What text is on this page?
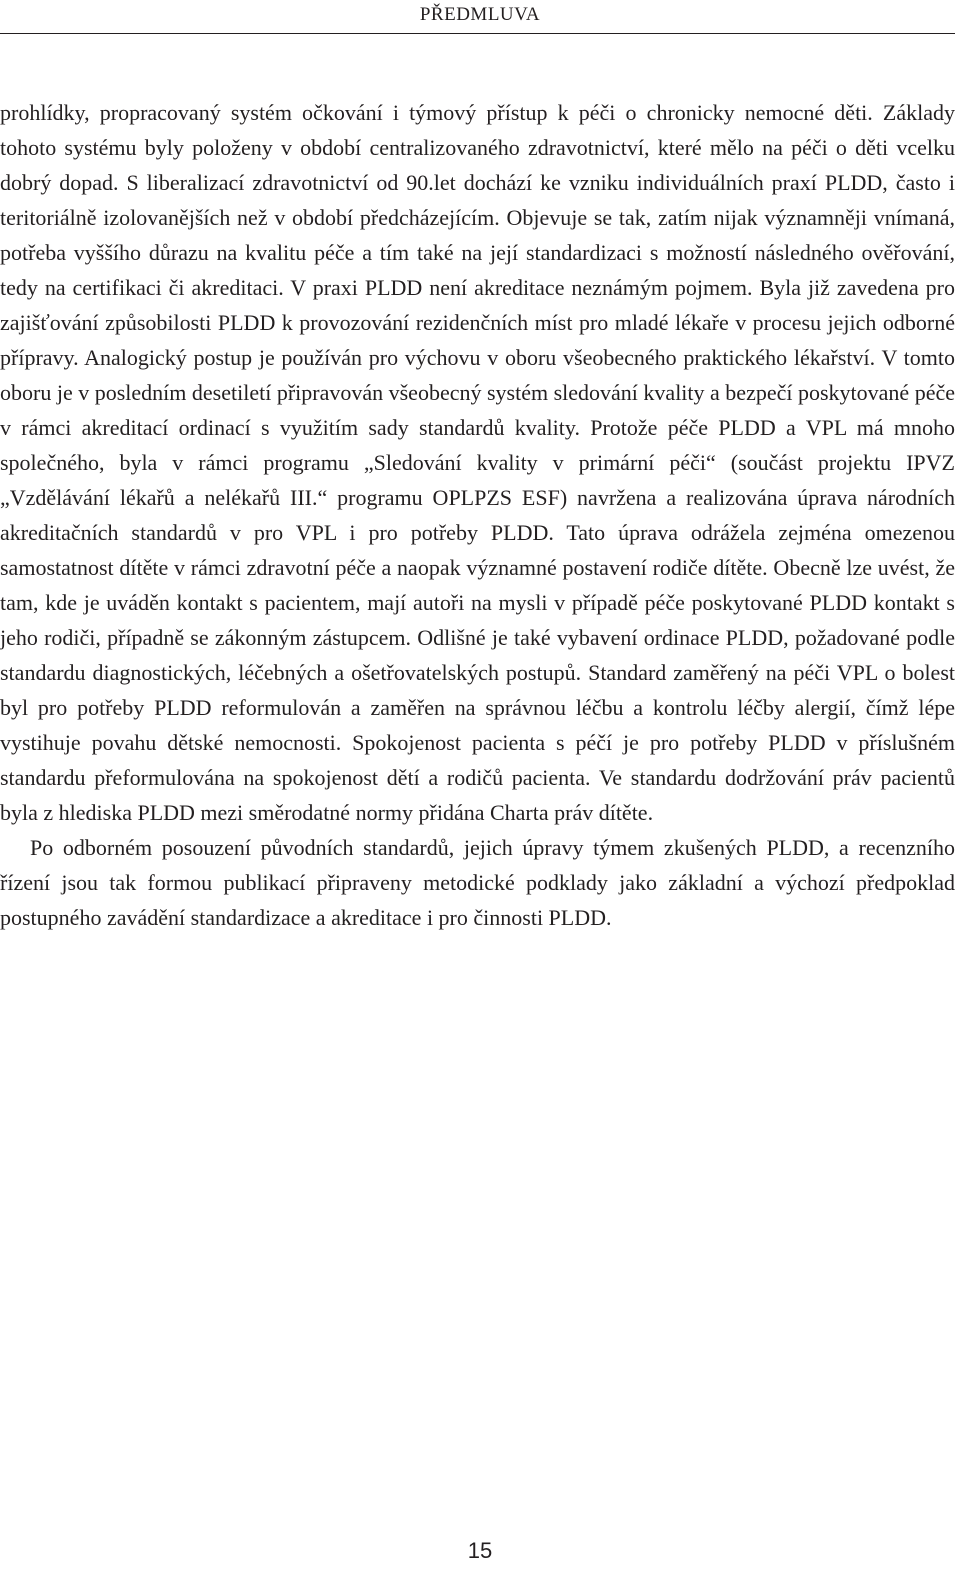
PŘEDMLUVA

prohlídky, propracovaný systém očkování i týmový přístup k péči o chronicky nemocné děti. Základy tohoto systému byly položeny v období centralizovaného zdravotnictví, které mělo na péči o děti vcelku dobrý dopad. S liberalizací zdravotnictví od 90.let dochází ke vzniku individuálních praxí PLDD, často i teritoriálně izolovanějších než v období předcházejícím. Objevuje se tak, zatím nijak významněji vnímaná, potřeba vyššího důrazu na kvalitu péče a tím také na její standardizaci s možností následného ověřování, tedy na certifikaci či akreditaci. V praxi PLDD není akreditace neznámým pojmem. Byla již zavedena pro zajišťování způsobilosti PLDD k provozování rezidenčních míst pro mladé lékaře v procesu jejich odborné přípravy. Analogický postup je používán pro výchovu v oboru všeobecného praktického lékařství. V tomto oboru je v posledním desetiletí připravován všeobecný systém sledování kvality a bezpečí poskytované péče v rámci akreditací ordinací s využitím sady standardů kvality. Protože péče PLDD a VPL má mnoho společného, byla v rámci programu „Sledování kvality v primární péči“ (součást projektu IPVZ „Vzdělávání lékařů a nelékařů III.“ programu OPLPZS ESF) navržena a realizována úprava národních akreditačních standardů v pro VPL i pro potřeby PLDD. Tato úprava odrážela zejména omezenou samostatnost dítěte v rámci zdravotní péče a naopak významné postavení rodiče dítěte. Obecně lze uvést, že tam, kde je uváděn kontakt s pacientem, mají autoři na mysli v případě péče poskytované PLDD kontakt s jeho rodiči, případně se zákonným zástupcem. Odlišné je také vybavení ordinace PLDD, požadované podle standardu diagnostických, léčebných a ošetřovatelských postupů. Standard zaměřený na péči VPL o bolest byl pro potřeby PLDD reformulován a zaměřen na správnou léčbu a kontrolu léčby alergií, čímž lépe vystihuje povahu dětské nemocnosti. Spokojenost pacienta s péčí je pro potřeby PLDD v příslušném standardu přeformulována na spokojenost dětí a rodičů pacienta. Ve standardu dodržování práv pacientů byla z hlediska PLDD mezi směrodatné normy přidána Charta práv dítěte.

Po odborném posouzení původních standardů, jejich úpravy týmem zkušených PLDD, a recenzního řízení jsou tak formou publikací připraveny metodické podklady jako základní a výchozí předpoklad postupného zavádění standardizace a akreditace i pro činnosti PLDD.

15
